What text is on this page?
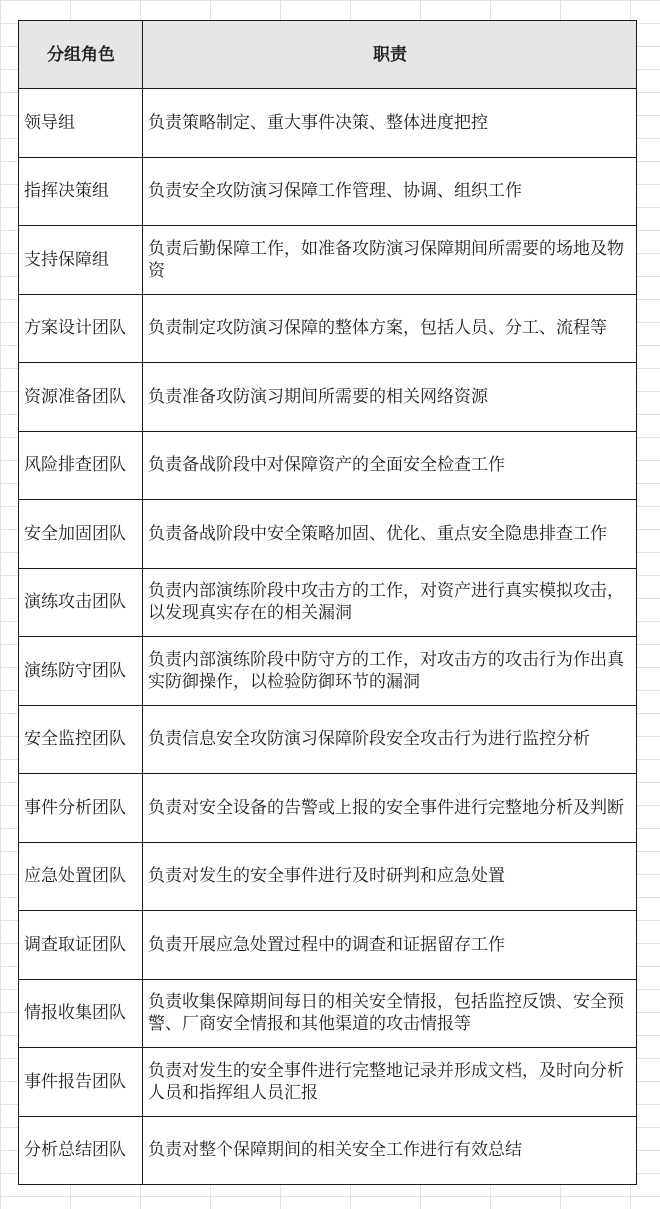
分组角色	职责
领导组	负责策略制定、重大事件决策、整体进度把控
指挥决策组	负责安全攻防演习保障工作管理、协调、组织工作
支持保障组	负责后勤保障工作，如准备攻防演习保障期间所需要的场地及物资
方案设计团队	负责制定攻防演习保障的整体方案，包括人员、分工、流程等
资源准备团队	负责准备攻防演习期间所需要的相关网络资源
风险排查团队	负责备战阶段中对保障资产的全面安全检查工作
安全加固团队	负责备战阶段中安全策略加固、优化、重点安全隐患排查工作
演练攻击团队	负责内部演练阶段中攻击方的工作，对资产进行真实模拟攻击，以发现真实存在的相关漏洞
演练防守团队	负责内部演练阶段中防守方的工作，对攻击方的攻击行为作出真实防御操作，以检验防御环节的漏洞
安全监控团队	负责信息安全攻防演习保障阶段安全攻击行为进行监控分析
事件分析团队	负责对安全设备的告警或上报的安全事件进行完整地分析及判断
应急处置团队	负责对发生的安全事件进行及时研判和应急处置
调查取证团队	负责开展应急处置过程中的调查和证据留存工作
情报收集团队	负责收集保障期间每日的相关安全情报，包括监控反馈、安全预警、厂商安全情报和其他渠道的攻击情报等
事件报告团队	负责对发生的安全事件进行完整地记录并形成文档，及时向分析人员和指挥组人员汇报
分析总结团队	负责对整个保障期间的相关安全工作进行有效总结
